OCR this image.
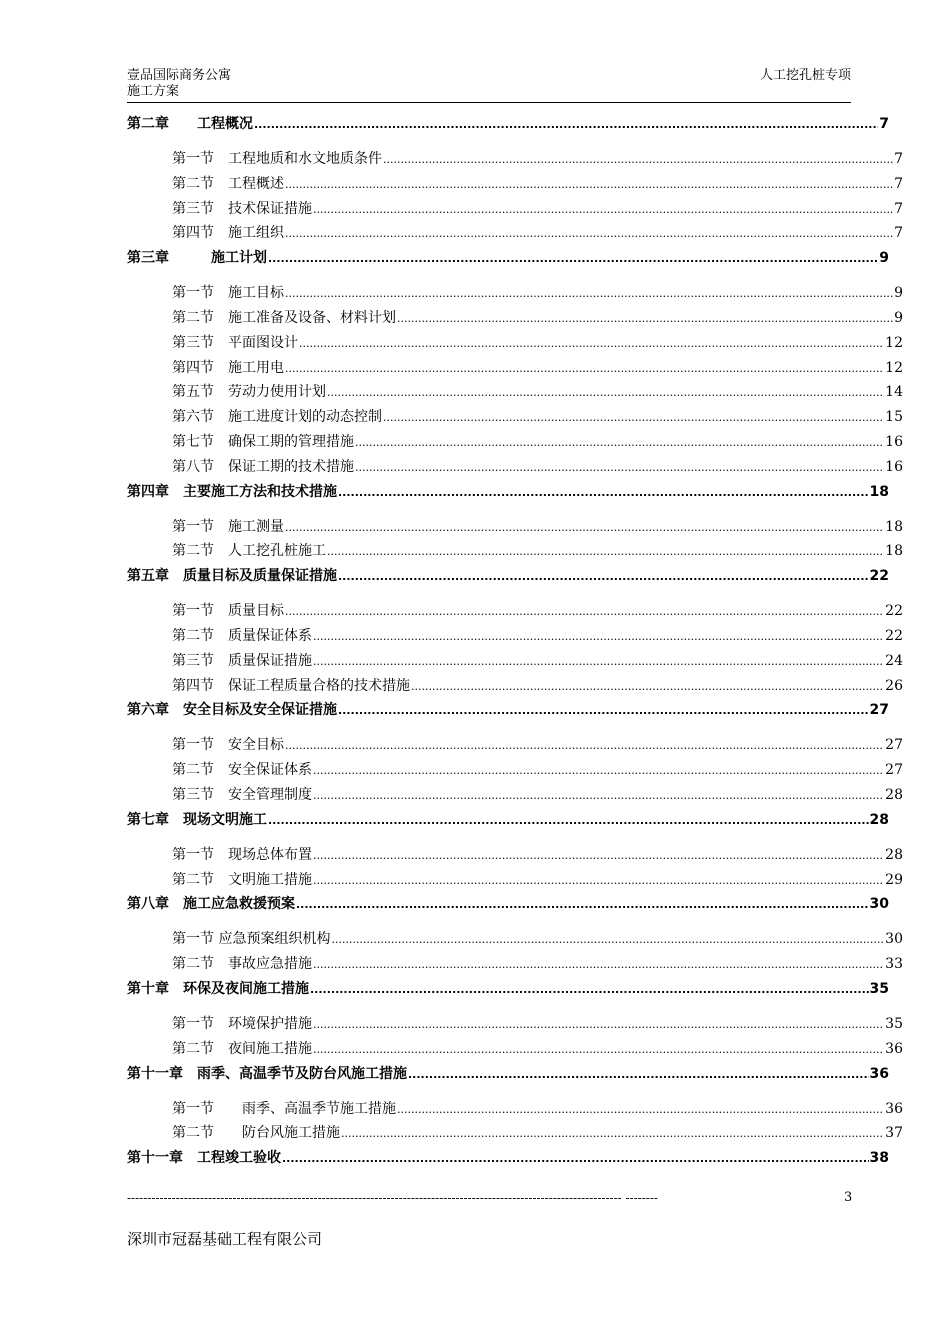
壹品国际商务公寓
施工方案
人工挖孔桩专项
第二章　　工程概况 .....	7
第一节　工程地质和水文地质条件 .....	7
第二节　工程概述 .....	7
第三节　技术保证措施 .....	7
第四节　施工组织 .....	7
第三章　　　施工计划 .....	9
第一节　施工目标 .....	9
第二节　施工准备及设备、材料计划 .....	9
第三节　平面图设计 .....	12
第四节　施工用电 .....	12
第五节　劳动力使用计划 .....	14
第六节　施工进度计划的动态控制 .....	15
第七节　确保工期的管理措施 .....	16
第八节　保证工期的技术措施 .....	16
第四章　主要施工方法和技术措施 .....	18
第一节　施工测量 .....	18
第二节　人工挖孔桩施工 .....	18
第五章　质量目标及质量保证措施 .....	22
第一节　质量目标 .....	22
第二节　质量保证体系 .....	22
第三节　质量保证措施 .....	24
第四节　保证工程质量合格的技术措施 .....	26
第六章　安全目标及安全保证措施 .....	27
第一节　安全目标 .....	27
第二节　安全保证体系 .....	27
第三节　安全管理制度 .....	28
第七章　现场文明施工 .....	28
第一节　现场总体布置 .....	28
第二节　文明施工措施 .....	29
第八章　施工应急救援预案 .....	30
第一节 应急预案组织机构 .....	30
第二节　事故应急措施 .....	33
第十章　环保及夜间施工措施 .....	35
第一节　环境保护措施 .....	35
第二节　夜间施工措施 .....	36
第十一章　雨季、高温季节及防台风施工措施 .....	36
第一节　　雨季、高温季节施工措施 .....	36
第二节　　防台风施工措施 .....	37
第十一章　工程竣工验收 .....	38
-------------------------------------------------------------------------------------------------------------------------- --------	3
深圳市冠磊基础工程有限公司
